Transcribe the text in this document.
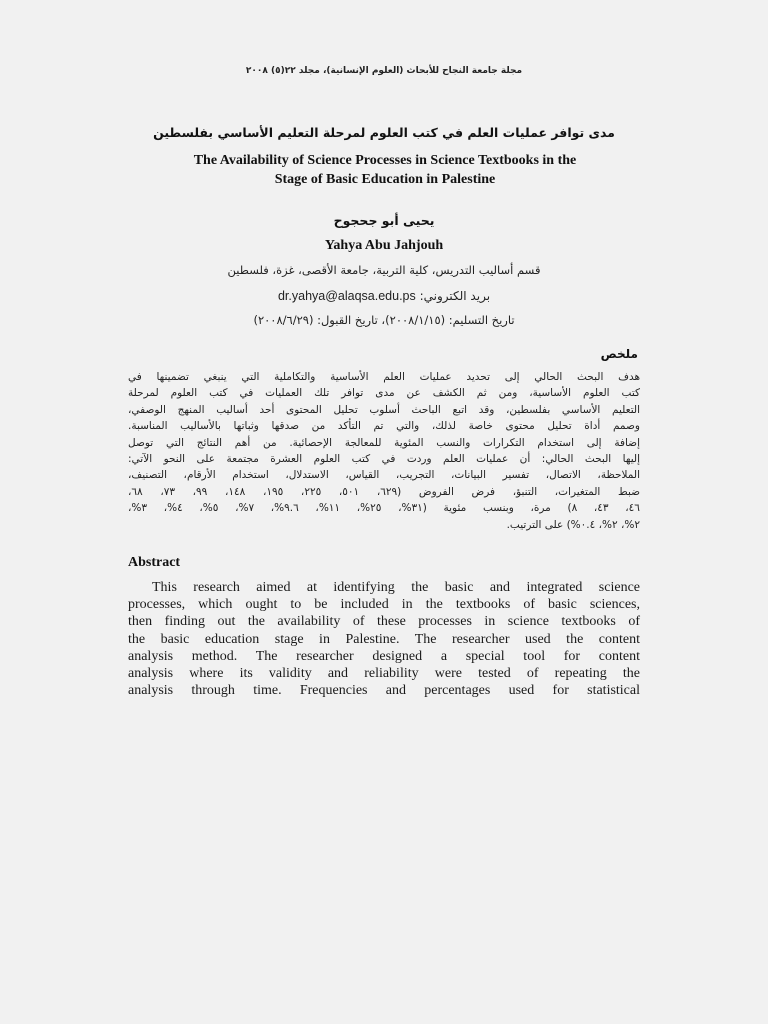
مجلة جامعة النجاح للأبحاث (العلوم الإنسانية)، مجلد ٢٢(٥) ٢٠٠٨
مدى توافر عمليات العلم في كتب العلوم لمرحلة التعليم الأساسي بفلسطين
The Availability of Science Processes in Science Textbooks in the
Stage of Basic Education in Palestine
يحيى أبو جحجوح
Yahya Abu Jahjouh
قسم أساليب التدريس، كلية التربية، جامعة الأقصى، غزة، فلسطين
بريد الكتروني: dr.yahya@alaqsa.edu.ps
تاريخ التسليم: (٢٠٠٨/١/١٥)، تاريخ القبول: (٢٠٠٨/٦/٢٩)
ملخص
هدف البحث الحالي إلى تحديد عمليات العلم الأساسية والتكاملية التي ينبغي تضمينها في
كتب العلوم الأساسية، ومن ثم الكشف عن مدى توافر تلك العمليات في كتب العلوم لمرحلة
التعليم الأساسي بفلسطين، وقد اتبع الباحث أسلوب تحليل المحتوى أحد أساليب المنهج الوصفي،
وصمم أداة تحليل محتوى خاصة لذلك، والتي تم التأكد من صدقها وثباتها بالأساليب المناسبة.
إضافة إلى استخدام التكرارات والنسب المئوية للمعالجة الإحصائية. من أهم النتائج التي توصل
إليها البحث الحالي: أن عمليات العلم وردت في كتب العلوم العشرة مجتمعة على النحو الآتي:
الملاحظة، الاتصال، تفسير البيانات، التجريب، القياس، الاستدلال، استخدام الأرقام، التصنيف،
ضبط المتغيرات، التنبؤ، فرض الفروض (٦٢٩، ٥٠١، ٢٢٥، ١٩٥، ١٤٨، ٩٩، ٧٣، ٦٨،
٤٦، ٤٣، ٨) مرة، وبنسب مئوية (٣١%، ٢٥%، ١١%، ٩.٦%، ٧%، ٥%، ٤%، ٣%،
٢%، ٢%، ٠.٤%) على الترتيب.
Abstract
This research aimed at identifying the basic and integrated science
processes, which ought to be included in the textbooks of basic sciences,
then finding out the availability of these processes in science textbooks of
the basic education stage in Palestine. The researcher used the content
analysis method. The researcher designed a special tool for content
analysis where its validity and reliability were tested of repeating the
analysis through time. Frequencies and percentages used for statistical
